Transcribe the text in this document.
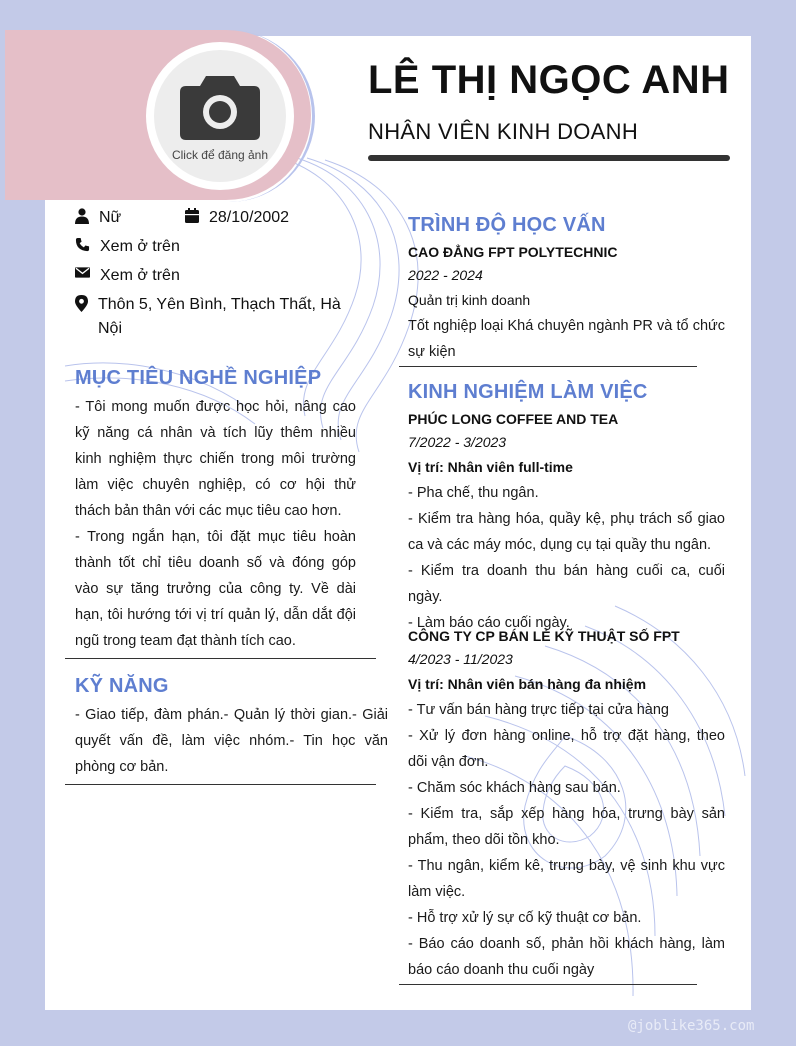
Click để đăng ảnh
LÊ THỊ NGỌC ANH
NHÂN VIÊN KINH DOANH
Nữ	28/10/2002
Xem ở trên
Xem ở trên
Thôn 5, Yên Bình, Thạch Thất, Hà Nội
MỤC TIÊU NGHỀ NGHIỆP

- Tôi mong muốn được học hỏi, nâng cao kỹ năng cá nhân và tích lũy thêm nhiều kinh nghiệm thực chiến trong môi trường làm việc chuyên nghiệp, có cơ hội thử thách bản thân với các mục tiêu cao hơn.

- Trong ngắn hạn, tôi đặt mục tiêu hoàn thành tốt chỉ tiêu doanh số và đóng góp vào sự tăng trưởng của công ty. Về dài hạn, tôi hướng tới vị trí quản lý, dẫn dắt đội ngũ trong team đạt thành tích cao.

KỸ NĂNG

- Giao tiếp, đàm phán.- Quản lý thời gian.- Giải quyết vấn đề, làm việc nhóm.- Tin học văn phòng cơ bản.

TRÌNH ĐỘ HỌC VẤN
CAO ĐẲNG FPT POLYTECHNIC
2022 - 2024
Quản trị kinh doanh

Tốt nghiệp loại Khá chuyên ngành PR và tổ chức sự kiện

KINH NGHIỆM LÀM VIỆC
PHÚC LONG COFFEE AND TEA
7/2022 - 3/2023
Vị trí: Nhân viên full-time
- Pha chế, thu ngân.
- Kiểm tra hàng hóa, quầy kệ, phụ trách sổ giao ca và các máy móc, dụng cụ tại quầy thu ngân.
- Kiểm tra doanh thu bán hàng cuối ca, cuối ngày.
- Làm báo cáo cuối ngày.
CÔNG TY CP BÁN LẺ KỸ THUẬT SỐ FPT
4/2023 - 11/2023
Vị trí: Nhân viên bán hàng đa nhiệm
- Tư vấn bán hàng trực tiếp tại cửa hàng
- Xử lý đơn hàng online, hỗ trợ đặt hàng, theo dõi vận đơn.
- Chăm sóc khách hàng sau bán.
- Kiểm tra, sắp xếp hàng hóa, trưng bày sản phẩm, theo dõi tồn kho.
- Thu ngân, kiểm kê, trưng bày, vệ sinh khu vực làm việc.
- Hỗ trợ xử lý sự cố kỹ thuật cơ bản.
- Báo cáo doanh số, phản hồi khách hàng, làm báo cáo doanh thu cuối ngày
@joblike365.com
